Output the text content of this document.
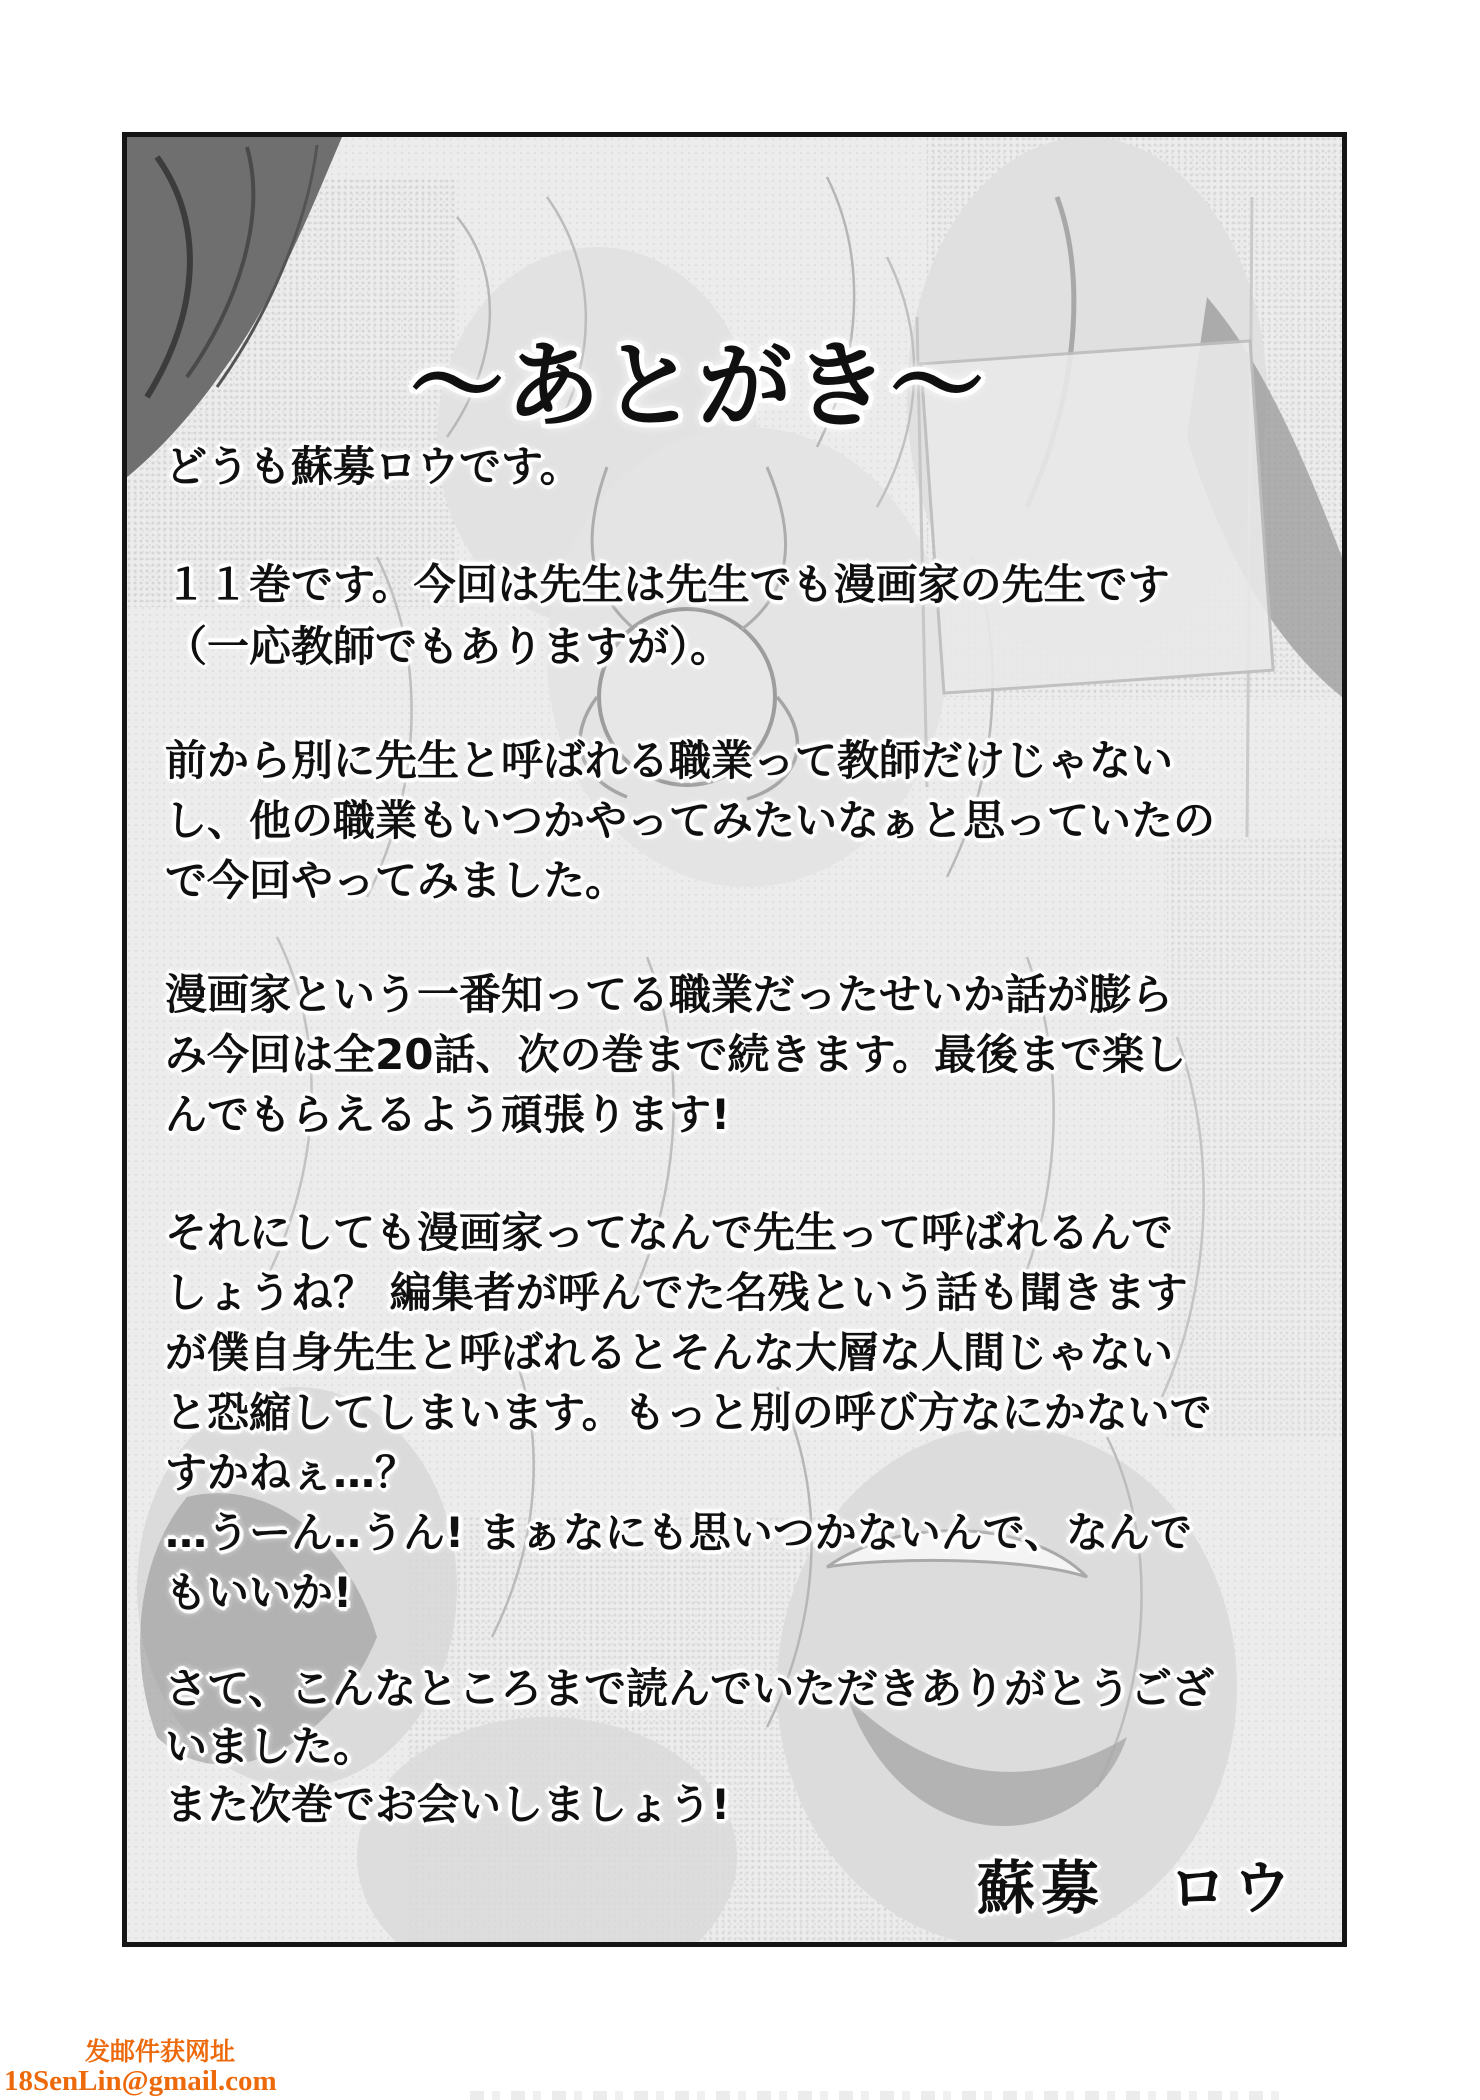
～あとがき～
どうも蘇募ロウです。
１１巻です。今回は先生は先生でも漫画家の先生です
（一応教師でもありますが）。
前から別に先生と呼ばれる職業って教師だけじゃない
し、他の職業もいつかやってみたいなぁと思っていたの
で今回やってみました。
漫画家という一番知ってる職業だったせいか話が膨ら
み今回は全20話、次の巻まで続きます。最後まで楽し
んでもらえるよう頑張ります!
それにしても漫画家ってなんで先生って呼ばれるんで
しょうね？ 編集者が呼んでた名残という話も聞きます
が僕自身先生と呼ばれるとそんな大層な人間じゃない
と恐縮してしまいます。もっと別の呼び方なにかないで
すかねぇ…？
…うーん‥うん! まぁなにも思いつかないんで、なんで
もいいか!
さて、こんなところまで読んでいただきありがとうござ
いました。
また次巻でお会いしましょう!
蘇募　ロウ
发邮件获网址
18SenLin@gmail.com
